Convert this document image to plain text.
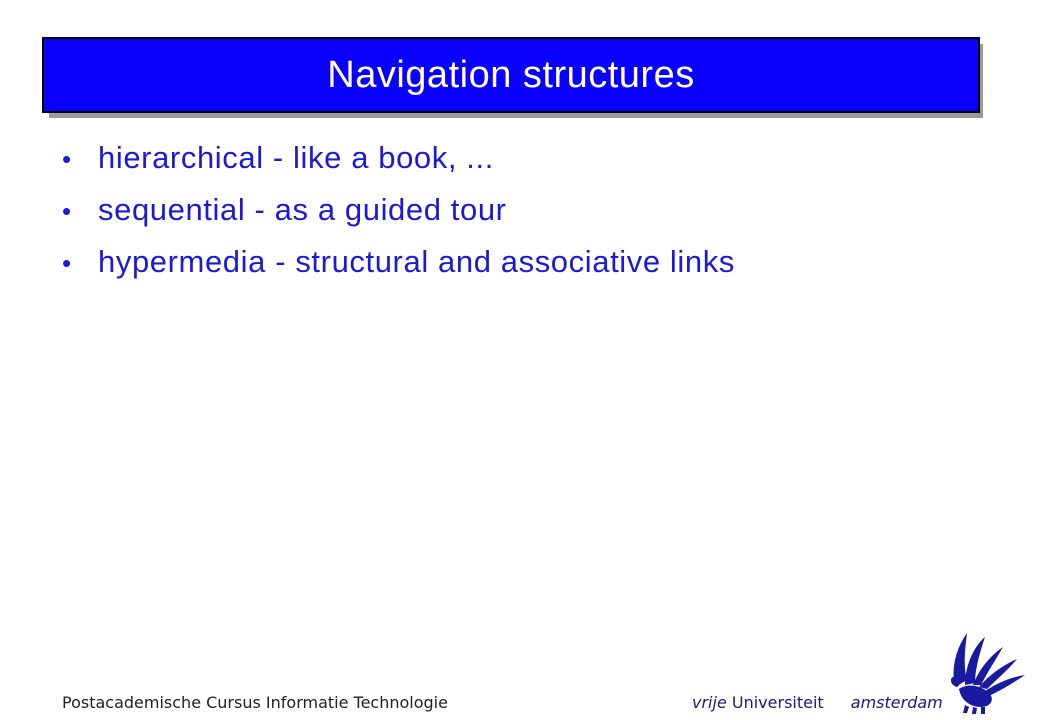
Navigation structures
• hierarchical - like a book, ...
• sequential - as a guided tour
• hypermedia - structural and associative links
Postacademische Cursus Informatie Technologie	vrije Universiteit amsterdam
